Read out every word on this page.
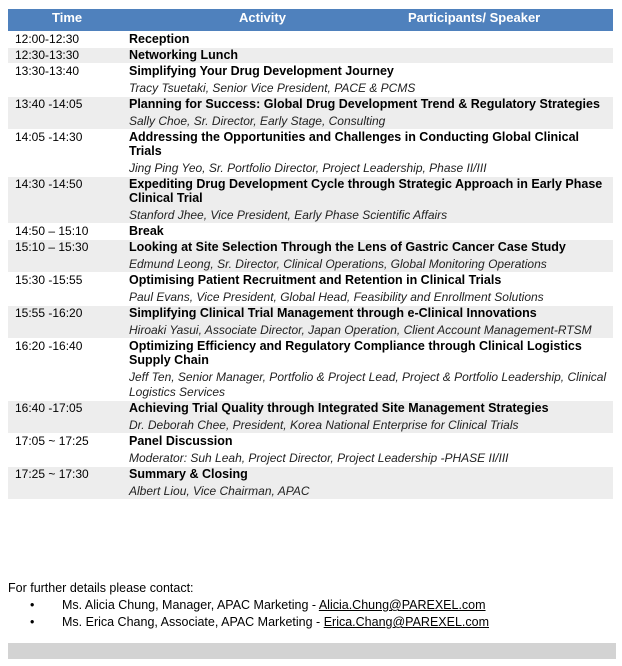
Time	Activity	Participants/ Speaker
12:00-12:30	Reception
12:30-13:30	Networking Lunch
13:30-13:40	Simplifying Your Drug Development Journey
Tracy Tsuetaki, Senior Vice President, PACE & PCMS
13:40 -14:05	Planning for Success: Global Drug Development Trend & Regulatory Strategies
Sally Choe, Sr. Director, Early Stage, Consulting
14:05 -14:30	Addressing the Opportunities and Challenges in Conducting Global Clinical Trials
Jing Ping Yeo, Sr. Portfolio Director, Project Leadership, Phase II/III
14:30 -14:50	Expediting Drug Development Cycle through Strategic Approach in Early Phase Clinical Trial
Stanford Jhee, Vice President, Early Phase Scientific Affairs
14:50 – 15:10	Break
15:10 – 15:30	Looking at Site Selection Through the Lens of Gastric Cancer Case Study
Edmund Leong, Sr. Director, Clinical Operations, Global Monitoring Operations
15:30 -15:55	Optimising Patient Recruitment and Retention in Clinical Trials
Paul Evans, Vice President, Global Head, Feasibility and Enrollment Solutions
15:55 -16:20	Simplifying Clinical Trial Management through e-Clinical Innovations
Hiroaki Yasui, Associate Director, Japan Operation, Client Account Management-RTSM
16:20 -16:40	Optimizing Efficiency and Regulatory Compliance through Clinical Logistics Supply Chain
Jeff Ten, Senior Manager, Portfolio & Project Lead, Project & Portfolio Leadership, Clinical Logistics Services
16:40 -17:05	Achieving Trial Quality through Integrated Site Management Strategies
Dr. Deborah Chee, President, Korea National Enterprise for Clinical Trials
17:05 ~ 17:25	Panel Discussion
Moderator: Suh Leah, Project Director, Project Leadership -PHASE II/III
17:25 ~ 17:30	Summary & Closing
Albert Liou, Vice Chairman, APAC
For further details please contact:
• Ms. Alicia Chung, Manager, APAC Marketing - Alicia.Chung@PAREXEL.com
• Ms. Erica Chang, Associate, APAC Marketing - Erica.Chang@PAREXEL.com
